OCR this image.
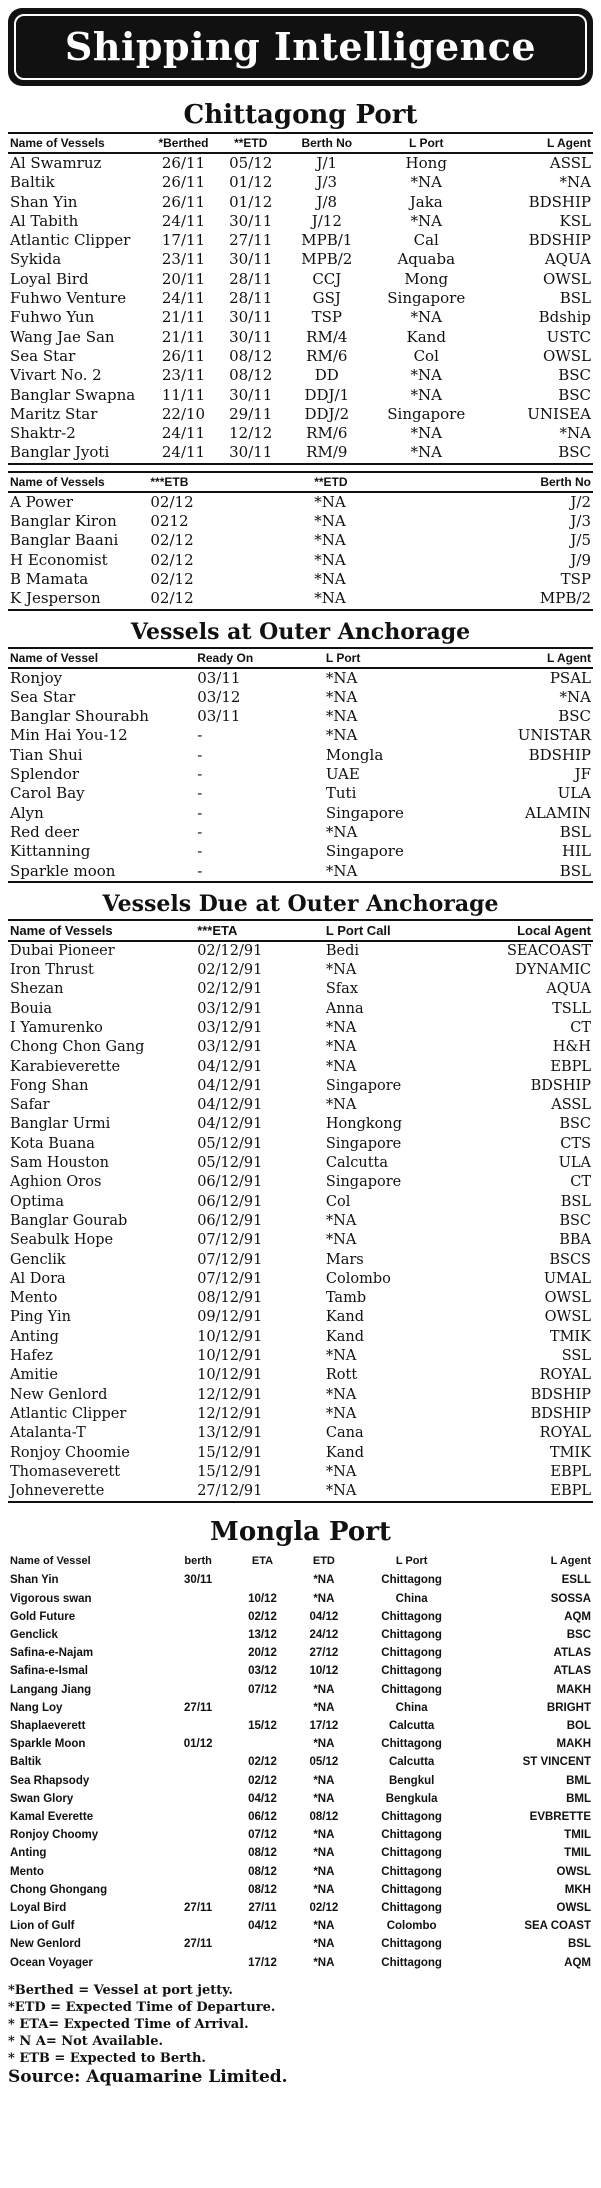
Shipping Intelligence
Chittagong Port
Name of Vessels	*Berthed	**ETD	Berth No	L Port	L Agent
Al Swamruz	26/11	05/12	J/1	Hong	ASSL
Baltik	26/11	01/12	J/3	*NA	*NA
Shan Yin	26/11	01/12	J/8	Jaka	BDSHIP
Al Tabith	24/11	30/11	J/12	*NA	KSL
Atlantic Clipper	17/11	27/11	MPB/1	Cal	BDSHIP
Sykida	23/11	30/11	MPB/2	Aquaba	AQUA
Loyal Bird	20/11	28/11	CCJ	Mong	OWSL
Fuhwo Venture	24/11	28/11	GSJ	Singapore	BSL
Fuhwo Yun	21/11	30/11	TSP	*NA	Bdship
Wang Jae San	21/11	30/11	RM/4	Kand	USTC
Sea Star	26/11	08/12	RM/6	Col	OWSL
Vivart No. 2	23/11	08/12	DD	*NA	BSC
Banglar Swapna	11/11	30/11	DDJ/1	*NA	BSC
Maritz Star	22/10	29/11	DDJ/2	Singapore	UNISEA
Shaktr-2	24/11	12/12	RM/6	*NA	*NA
Banglar Jyoti	24/11	30/11	RM/9	*NA	BSC
Name of Vessels	***ETB	**ETD	Berth No
A Power	02/12	*NA	J/2
Banglar Kiron	0212	*NA	J/3
Banglar Baani	02/12	*NA	J/5
H Economist	02/12	*NA	J/9
B Mamata	02/12	*NA	TSP
K Jesperson	02/12	*NA	MPB/2
Vessels at Outer Anchorage
Name of Vessel	Ready On	L Port	L Agent
Ronjoy	03/11	*NA	PSAL
Sea Star	03/12	*NA	*NA
Banglar Shourabh	03/11	*NA	BSC
Min Hai You-12	-	*NA	UNISTAR
Tian Shui	-	Mongla	BDSHIP
Splendor	-	UAE	JF
Carol Bay	-	Tuti	ULA
Alyn	-	Singapore	ALAMIN
Red deer	-	*NA	BSL
Kittanning	-	Singapore	HIL
Sparkle moon	-	*NA	BSL
Vessels Due at Outer Anchorage
Name of Vessels	***ETA	L Port Call	Local Agent
Dubai Pioneer	02/12/91	Bedi	SEACOAST
Iron Thrust	02/12/91	*NA	DYNAMIC
Shezan	02/12/91	Sfax	AQUA
Bouia	03/12/91	Anna	TSLL
I Yamurenko	03/12/91	*NA	CT
Chong Chon Gang	03/12/91	*NA	H&H
Karabieverette	04/12/91	*NA	EBPL
Fong Shan	04/12/91	Singapore	BDSHIP
Safar	04/12/91	*NA	ASSL
Banglar Urmi	04/12/91	Hongkong	BSC
Kota Buana	05/12/91	Singapore	CTS
Sam Houston	05/12/91	Calcutta	ULA
Aghion Oros	06/12/91	Singapore	CT
Optima	06/12/91	Col	BSL
Banglar Gourab	06/12/91	*NA	BSC
Seabulk Hope	07/12/91	*NA	BBA
Genclik	07/12/91	Mars	BSCS
Al Dora	07/12/91	Colombo	UMAL
Mento	08/12/91	Tamb	OWSL
Ping Yin	09/12/91	Kand	OWSL
Anting	10/12/91	Kand	TMIK
Hafez	10/12/91	*NA	SSL
Amitie	10/12/91	Rott	ROYAL
New Genlord	12/12/91	*NA	BDSHIP
Atlantic Clipper	12/12/91	*NA	BDSHIP
Atalanta-T	13/12/91	Cana	ROYAL
Ronjoy Choomie	15/12/91	Kand	TMIK
Thomaseverett	15/12/91	*NA	EBPL
Johneverette	27/12/91	*NA	EBPL
Mongla Port
Name of Vessel	berth	ETA	ETD	L Port	L Agent
Shan Yin	30/11		*NA	Chittagong	ESLL
Vigorous swan		10/12	*NA	China	SOSSA
Gold Future		02/12	04/12	Chittagong	AQM
Genclick		13/12	24/12	Chittagong	BSC
Safina-e-Najam		20/12	27/12	Chittagong	ATLAS
Safina-e-Ismal		03/12	10/12	Chittagong	ATLAS
Langang Jiang		07/12	*NA	Chittagong	MAKH
Nang Loy	27/11		*NA	China	BRIGHT
Shaplaeverett		15/12	17/12	Calcutta	BOL
Sparkle Moon	01/12		*NA	Chittagong	MAKH
Baltik		02/12	05/12	Calcutta	ST VINCENT
Sea Rhapsody		02/12	*NA	Bengkul	BML
Swan Glory		04/12	*NA	Bengkula	BML
Kamal Everette		06/12	08/12	Chittagong	EVBRETTE
Ronjoy Choomy		07/12	*NA	Chittagong	TMIL
Anting		08/12	*NA	Chittagong	TMIL
Mento		08/12	*NA	Chittagong	OWSL
Chong Ghongang		08/12	*NA	Chittagong	MKH
Loyal Bird	27/11	27/11	02/12	Chittagong	OWSL
Lion of Gulf		04/12	*NA	Colombo	SEA COAST
New Genlord	27/11		*NA	Chittagong	BSL
Ocean Voyager		17/12	*NA	Chittagong	AQM
*Berthed = Vessel at port jetty.
*ETD = Expected Time of Departure.
* ETA= Expected Time of Arrival.
* N A= Not Available.
* ETB = Expected to Berth.
Source: Aquamarine Limited.
